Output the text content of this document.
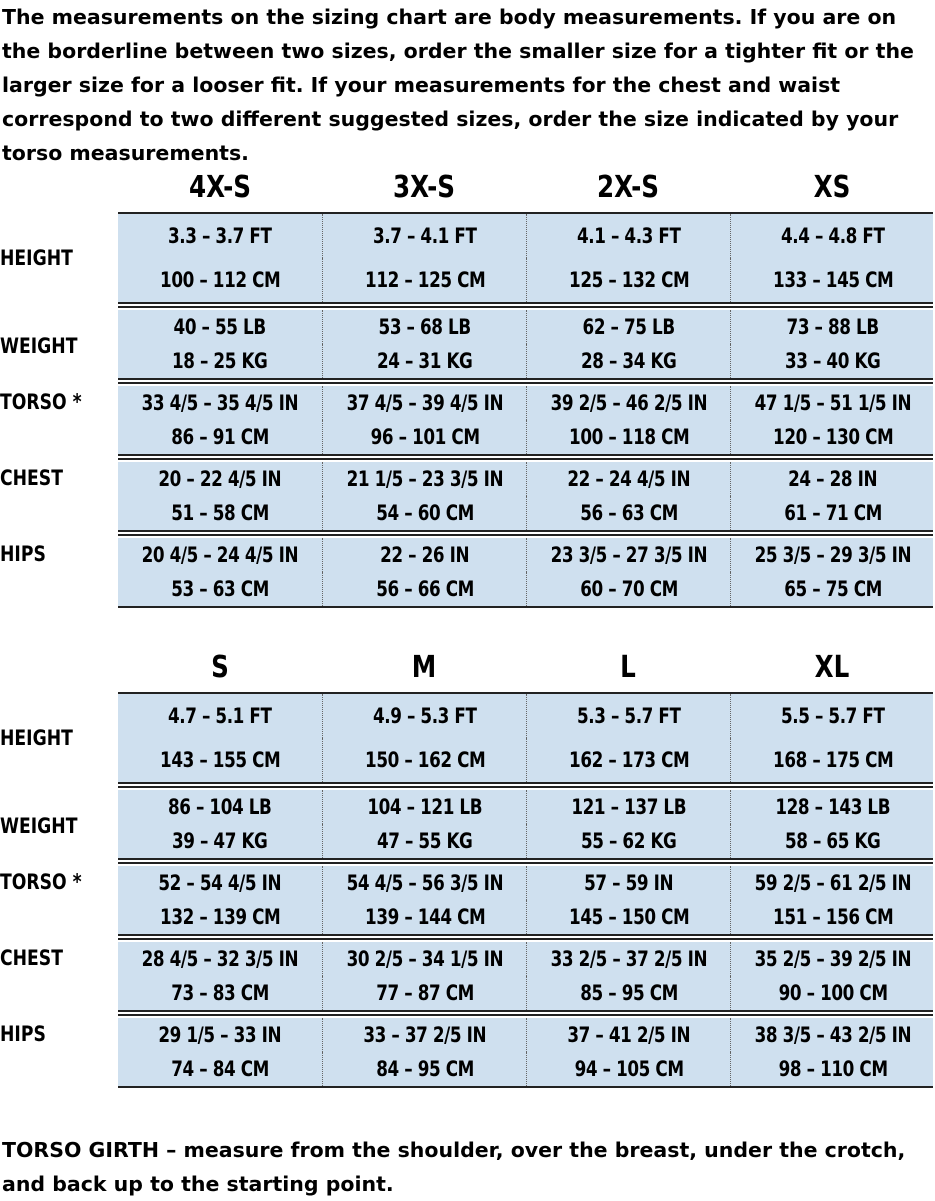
The measurements on the sizing chart are body measurements. If you are on the borderline between two sizes, order the smaller size for a tighter fit or the larger size for a looser fit. If your measurements for the chest and waist correspond to two different suggested sizes, order the size indicated by your torso measurements.

4X-S	3X-S	2X-S	XS
3.3 – 3.7 FT	3.7 – 4.1 FT	4.1 – 4.3 FT	4.4 – 4.8 FT
100 – 112 CM	112 – 125 CM	125 – 132 CM	133 – 145 CM
HEIGHT
40 – 55 LB	53 – 68 LB	62 – 75 LB	73 – 88 LB
18 – 25 KG	24 – 31 KG	28 – 34 KG	33 – 40 KG
WEIGHT
33 4/5 – 35 4/5 IN 37 4/5 – 39 4/5 IN 39 2/5 – 46 2/5 IN 47 1/5 – 51 1/5 IN
86 – 91 CM	96 – 101 CM	100 – 118 CM	120 – 130 CM
TORSO *
20 – 22 4/5 IN	21 1/5 – 23 3/5 IN	22 – 24 4/5 IN	24 – 28 IN
51 – 58 CM	54 – 60 CM	56 – 63 CM	61 – 71 CM
CHEST
20 4/5 – 24 4/5 IN	22 – 26 IN	23 3/5 – 27 3/5 IN 25 3/5 – 29 3/5 IN
53 – 63 CM	56 – 66 CM	60 – 70 CM	65 – 75 CM
HIPS
S	M	L	XL
4.7 – 5.1 FT	4.9 – 5.3 FT	5.3 – 5.7 FT	5.5 – 5.7 FT
143 – 155 CM	150 – 162 CM	162 – 173 CM	168 – 175 CM
HEIGHT
86 – 104 LB	104 – 121 LB	121 – 137 LB	128 – 143 LB
39 – 47 KG	47 – 55 KG	55 – 62 KG	58 – 65 KG
WEIGHT
52 – 54 4/5 IN	54 4/5 – 56 3/5 IN	57 – 59 IN	59 2/5 – 61 2/5 IN
132 – 139 CM	139 – 144 CM	145 – 150 CM	151 – 156 CM
TORSO *
28 4/5 – 32 3/5 IN 30 2/5 – 34 1/5 IN 33 2/5 – 37 2/5 IN 35 2/5 – 39 2/5 IN
73 – 83 CM	77 – 87 CM	85 – 95 CM	90 – 100 CM
CHEST
29 1/5 – 33 IN	33 – 37 2/5 IN	37 – 41 2/5 IN	38 3/5 – 43 2/5 IN
74 – 84 CM	84 – 95 CM	94 – 105 CM	98 – 110 CM
HIPS

TORSO GIRTH – measure from the shoulder, over the breast, under the crotch, and back up to the starting point.
